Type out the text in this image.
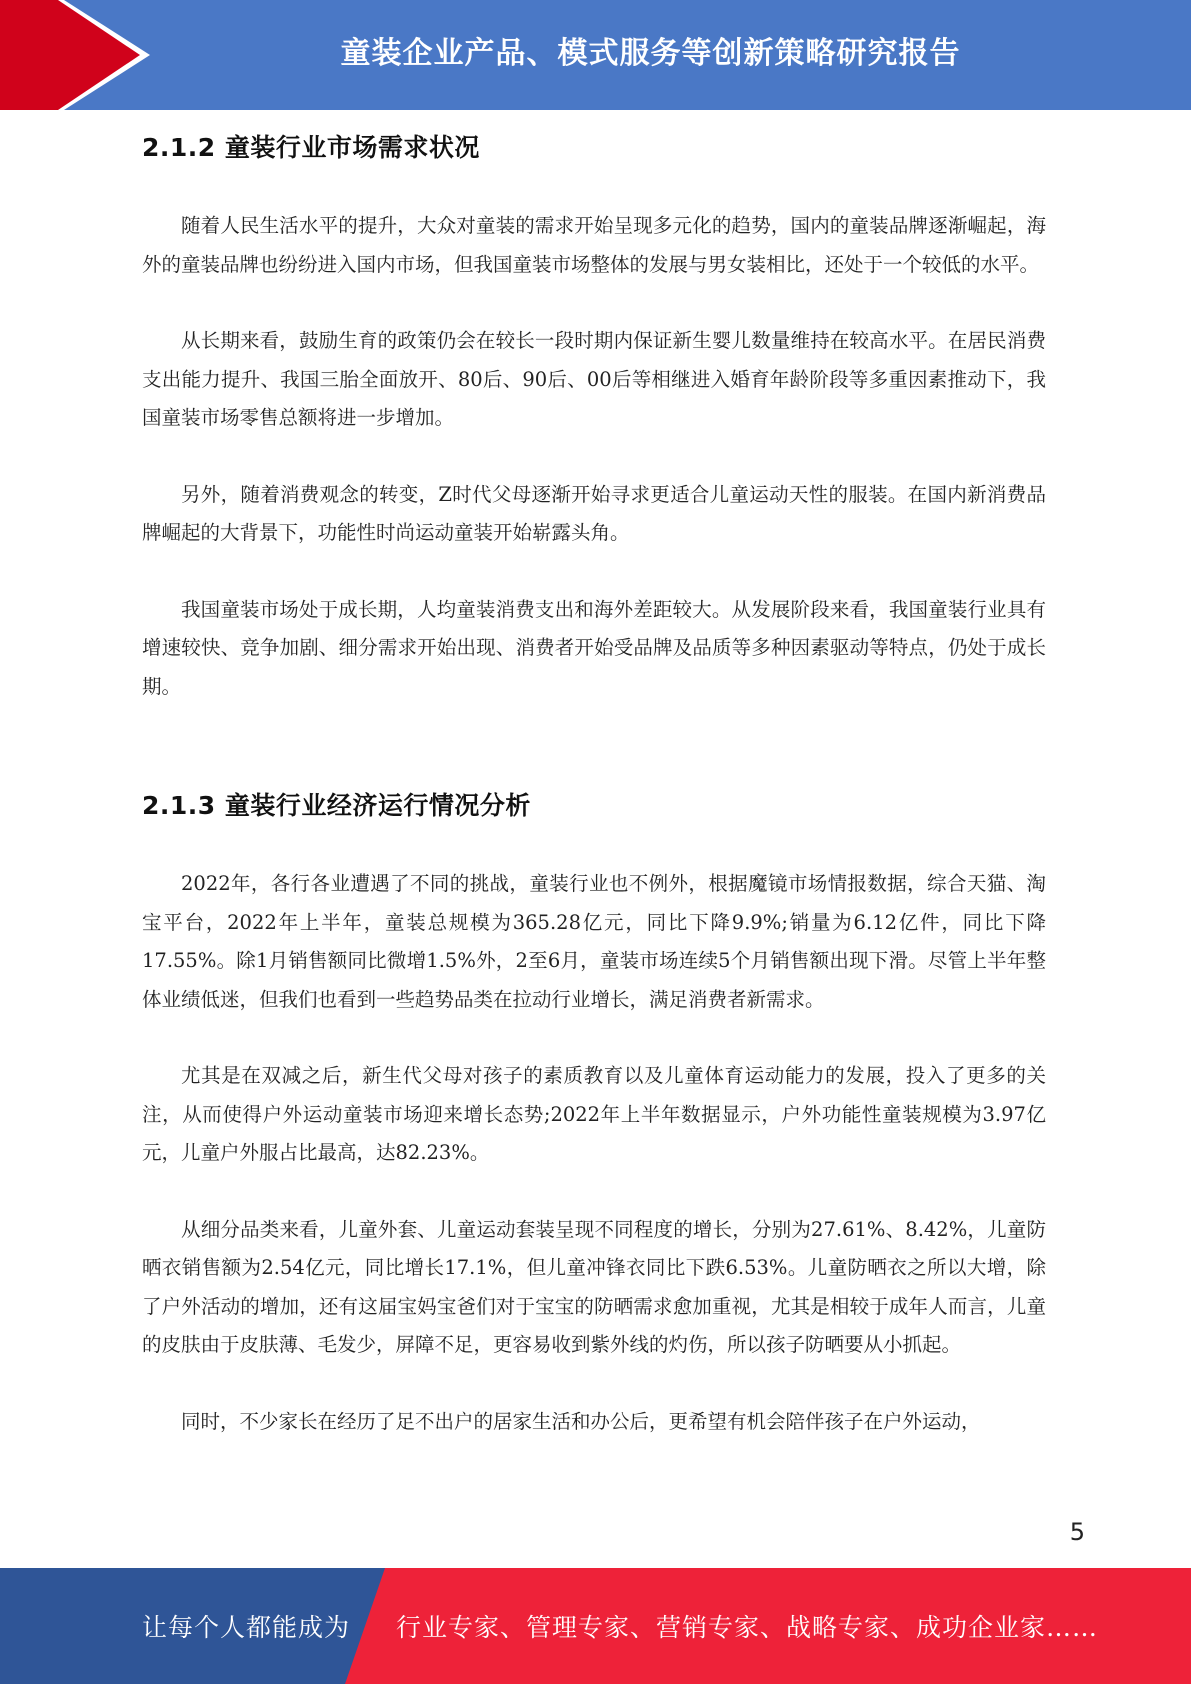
童装企业产品、模式服务等创新策略研究报告
2.1.2 童装行业市场需求状况

随着人民生活水平的提升，大众对童装的需求开始呈现多元化的趋势，国内的童装品牌逐渐崛起，海外的童装品牌也纷纷进入国内市场，但我国童装市场整体的发展与男女装相比，还处于一个较低的水平。

从长期来看，鼓励生育的政策仍会在较长一段时期内保证新生婴儿数量维持在较高水平。在居民消费支出能力提升、我国三胎全面放开、80后、90后、00后等相继进入婚育年龄阶段等多重因素推动下，我国童装市场零售总额将进一步增加。

另外，随着消费观念的转变，Z时代父母逐渐开始寻求更适合儿童运动天性的服装。在国内新消费品牌崛起的大背景下，功能性时尚运动童装开始崭露头角。

我国童装市场处于成长期，人均童装消费支出和海外差距较大。从发展阶段来看，我国童装行业具有增速较快、竞争加剧、细分需求开始出现、消费者开始受品牌及品质等多种因素驱动等特点，仍处于成长期。

2.1.3 童装行业经济运行情况分析

2022年，各行各业遭遇了不同的挑战，童装行业也不例外，根据魔镜市场情报数据，综合天猫、淘宝平台，2022年上半年，童装总规模为365.28亿元，同比下降9.9%;销量为6.12亿件，同比下降17.55%。除1月销售额同比微增1.5%外，2至6月，童装市场连续5个月销售额出现下滑。尽管上半年整体业绩低迷，但我们也看到一些趋势品类在拉动行业增长，满足消费者新需求。

尤其是在双减之后，新生代父母对孩子的素质教育以及儿童体育运动能力的发展，投入了更多的关注，从而使得户外运动童装市场迎来增长态势;2022年上半年数据显示，户外功能性童装规模为3.97亿元，儿童户外服占比最高，达82.23%。

从细分品类来看，儿童外套、儿童运动套装呈现不同程度的增长，分别为27.61%、8.42%，儿童防晒衣销售额为2.54亿元，同比增长17.1%，但儿童冲锋衣同比下跌6.53%。儿童防晒衣之所以大增，除了户外活动的增加，还有这届宝妈宝爸们对于宝宝的防晒需求愈加重视，尤其是相较于成年人而言，儿童的皮肤由于皮肤薄、毛发少，屏障不足，更容易收到紫外线的灼伤，所以孩子防晒要从小抓起。

同时，不少家长在经历了足不出户的居家生活和办公后，更希望有机会陪伴孩子在户外运动，

5
让每个人都能成为 行业专家、管理专家、营销专家、战略专家、成功企业家……
